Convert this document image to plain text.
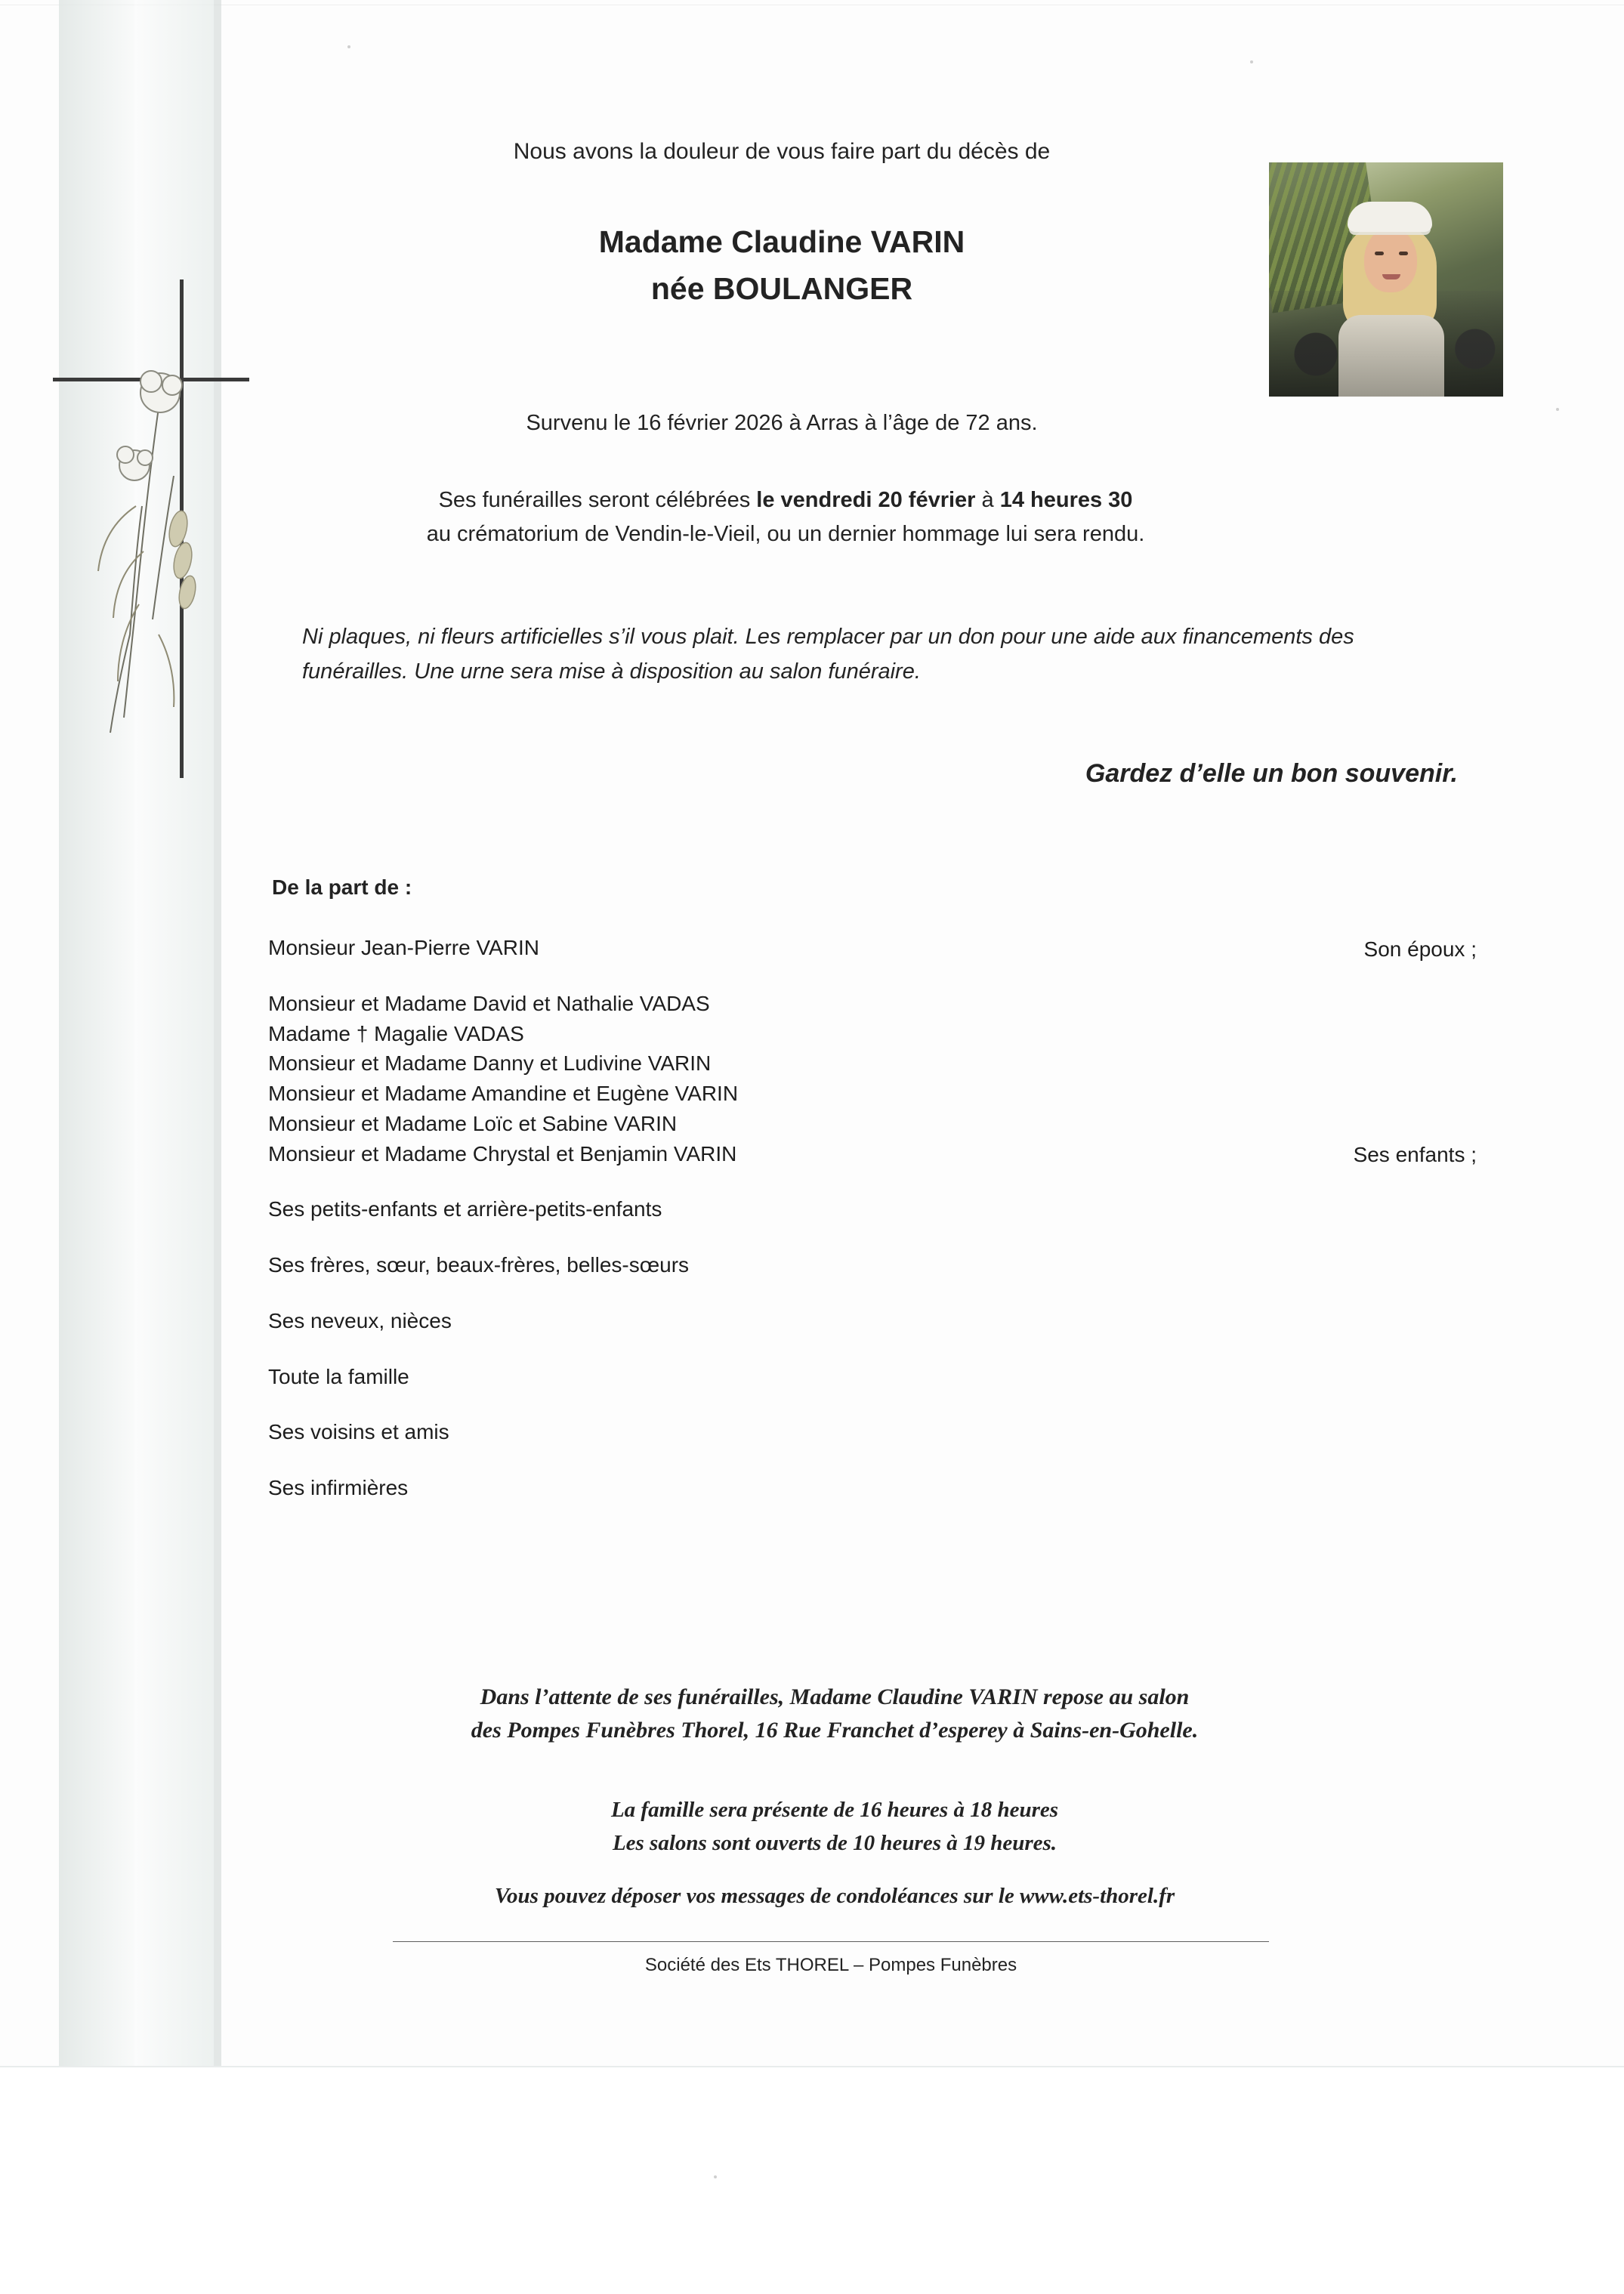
Nous avons la douleur de vous faire part du décès de
Madame Claudine VARIN
née BOULANGER
Survenu le 16 février 2026 à Arras à l’âge de 72 ans.
Ses funérailles seront célébrées le vendredi 20 février à 14 heures 30
au crématorium de Vendin-le-Vieil, ou un dernier hommage lui sera rendu.
Ni plaques, ni fleurs artificielles s’il vous plait. Les remplacer par un don pour une aide aux financements des funérailles. Une urne sera mise à disposition au salon funéraire.
Gardez d’elle un bon souvenir.
De la part de :
Monsieur Jean-Pierre VARIN	Son époux ;
Monsieur et Madame David et Nathalie VADAS
Madame † Magalie VADAS
Monsieur et Madame Danny et Ludivine VARIN
Monsieur et Madame Amandine et Eugène VARIN
Monsieur et Madame Loïc et Sabine VARIN
Monsieur et Madame Chrystal et Benjamin VARIN	Ses enfants ;
Ses petits-enfants et arrière-petits-enfants
Ses frères, sœur, beaux-frères, belles-sœurs
Ses neveux, nièces
Toute la famille
Ses voisins et amis
Ses infirmières
Dans l’attente de ses funérailles, Madame Claudine VARIN repose au salon
des Pompes Funèbres Thorel, 16 Rue Franchet d’esperey à Sains-en-Gohelle.
La famille sera présente de 16 heures à 18 heures
Les salons sont ouverts de 10 heures à 19 heures.
Vous pouvez déposer vos messages de condoléances sur le www.ets-thorel.fr
Société des Ets THOREL – Pompes Funèbres
